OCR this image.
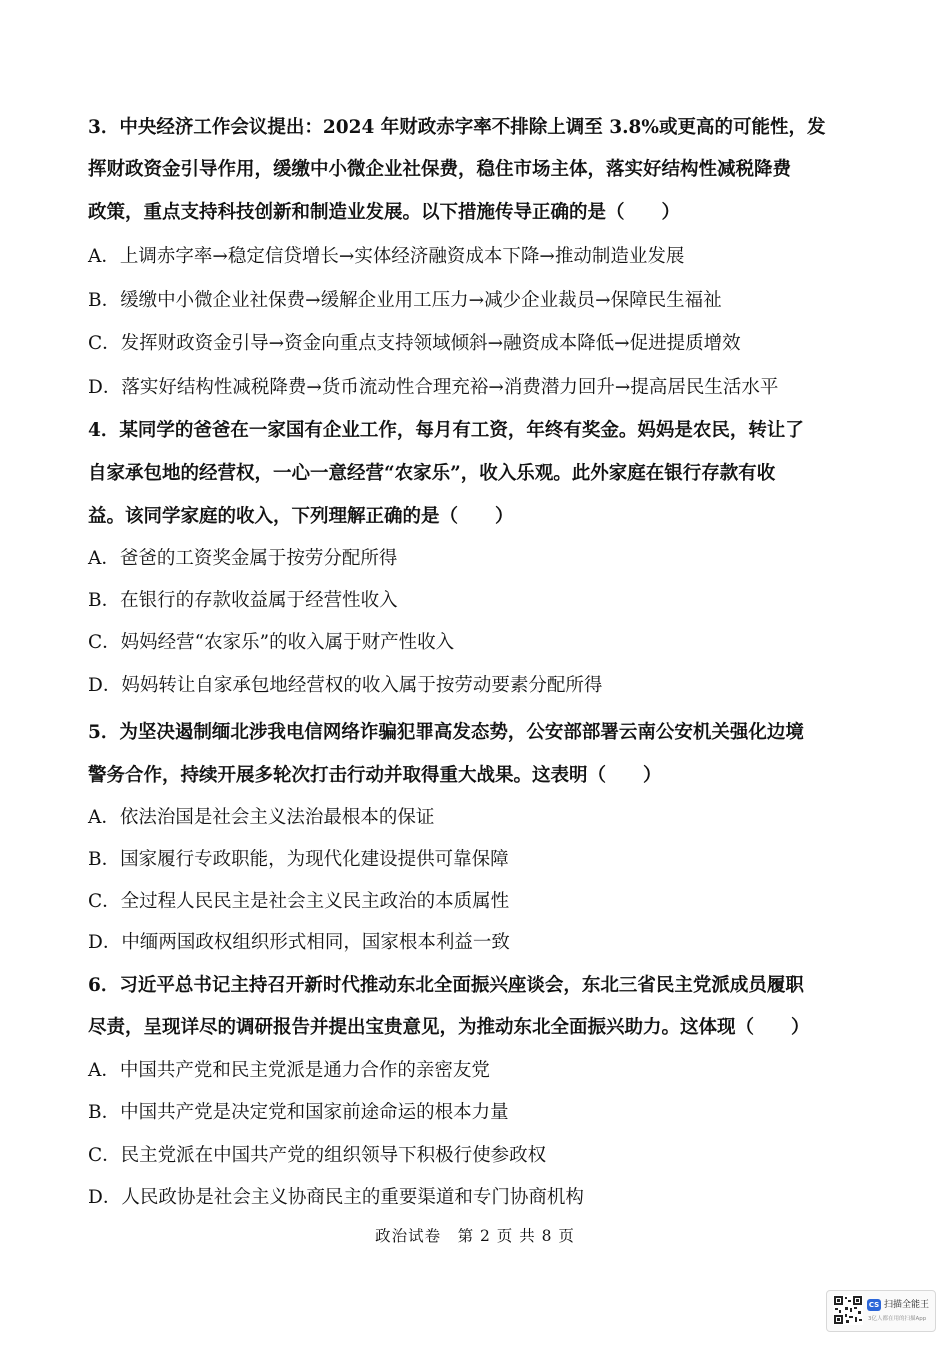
3．中央经济工作会议提出：2024 年财政赤字率不排除上调至 3.8%或更高的可能性，发
挥财政资金引导作用，缓缴中小微企业社保费，稳住市场主体，落实好结构性减税降费
政策，重点支持科技创新和制造业发展。以下措施传导正确的是（　　）
A．上调赤字率→稳定信贷增长→实体经济融资成本下降→推动制造业发展
B．缓缴中小微企业社保费→缓解企业用工压力→减少企业裁员→保障民生福祉
C．发挥财政资金引导→资金向重点支持领域倾斜→融资成本降低→促进提质增效
D．落实好结构性减税降费→货币流动性合理充裕→消费潜力回升→提高居民生活水平
4．某同学的爸爸在一家国有企业工作，每月有工资，年终有奖金。妈妈是农民，转让了
自家承包地的经营权，一心一意经营“农家乐”，收入乐观。此外家庭在银行存款有收
益。该同学家庭的收入，下列理解正确的是（　　）
A．爸爸的工资奖金属于按劳分配所得
B．在银行的存款收益属于经营性收入
C．妈妈经营“农家乐”的收入属于财产性收入
D．妈妈转让自家承包地经营权的收入属于按劳动要素分配所得
5．为坚决遏制缅北涉我电信网络诈骗犯罪高发态势，公安部部署云南公安机关强化边境
警务合作，持续开展多轮次打击行动并取得重大战果。这表明（　　）
A．依法治国是社会主义法治最根本的保证
B．国家履行专政职能，为现代化建设提供可靠保障
C．全过程人民民主是社会主义民主政治的本质属性
D．中缅两国政权组织形式相同，国家根本利益一致
6．习近平总书记主持召开新时代推动东北全面振兴座谈会，东北三省民主党派成员履职
尽责，呈现详尽的调研报告并提出宝贵意见，为推动东北全面振兴助力。这体现（　　）
A．中国共产党和民主党派是通力合作的亲密友党
B．中国共产党是决定党和国家前途命运的根本力量
C．民主党派在中国共产党的组织领导下积极行使参政权
D．人民政协是社会主义协商民主的重要渠道和专门协商机构
政治试卷　第 2 页 共 8 页
CS 扫描全能王
3亿人都在用的扫描App
